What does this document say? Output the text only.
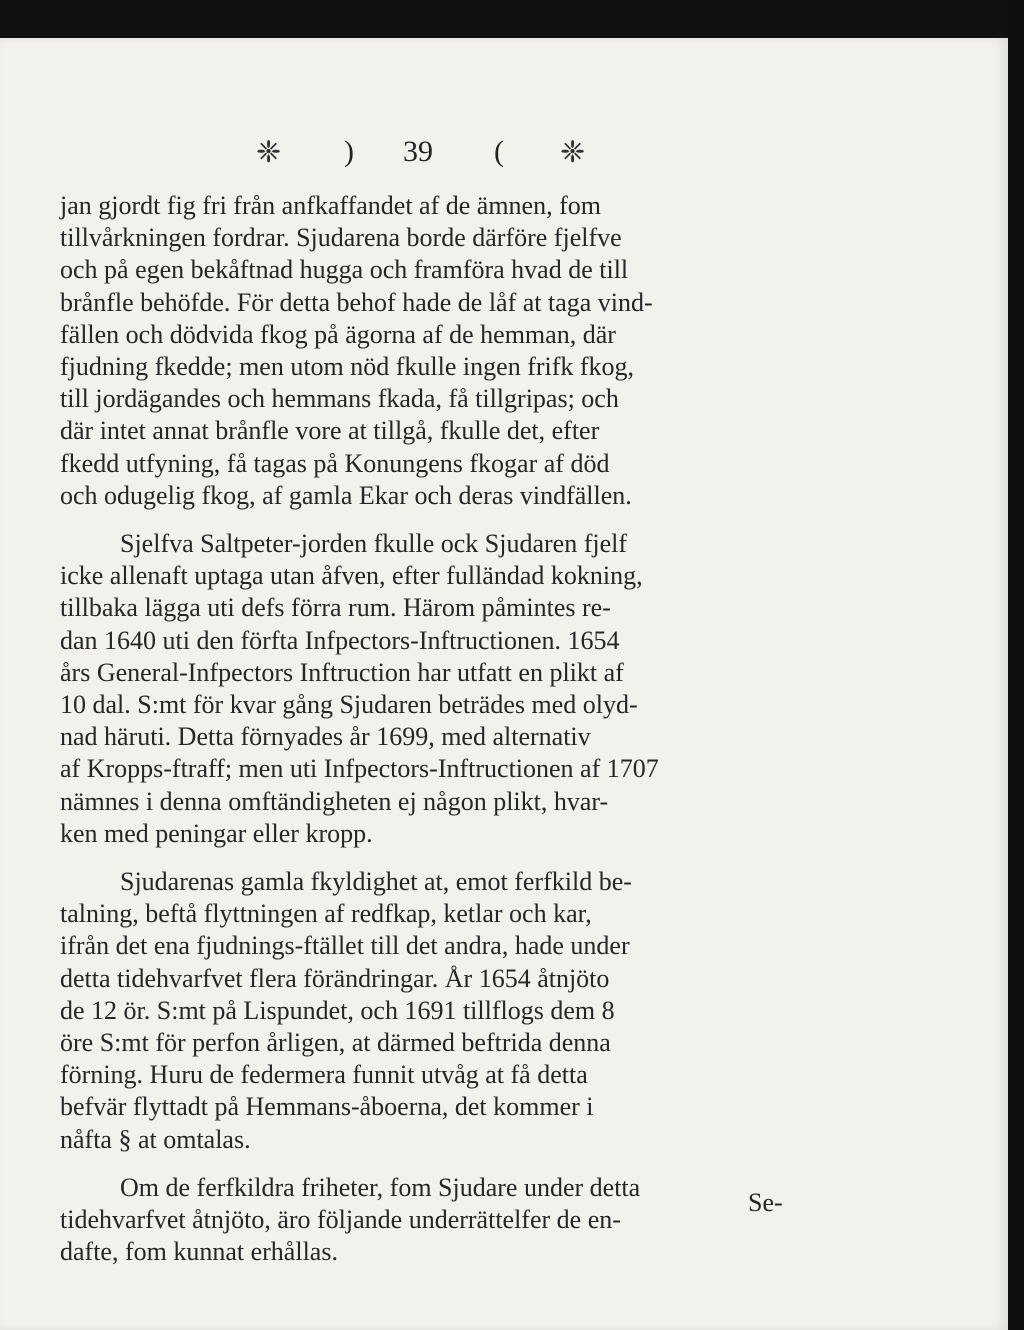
❈ ) 39 ( ❈

jan gjordt fig fri från anfkaffandet af de ämnen, fom

tillvårkningen fordrar. Sjudarena borde därföre fjelfve

och på egen bekåftnad hugga och framföra hvad de till

brånfle behöfde. För detta behof hade de låf at taga vind-

fällen och dödvida fkog på ägorna af de hemman, där

fjudning fkedde; men utom nöd fkulle ingen frifk fkog,

till jordägandes och hemmans fkada, få tillgripas; och

där intet annat brånfle vore at tillgå, fkulle det, efter

fkedd utfyning, få tagas på Konungens fkogar af död

och odugelig fkog, af gamla Ekar och deras vindfällen.

Sjelfva Saltpeter-jorden fkulle ock Sjudaren fjelf

icke allenaft uptaga utan åfven, efter fulländad kokning,

tillbaka lägga uti defs förra rum. Härom påmintes re-

dan 1640 uti den förfta Infpectors-Inftructionen. 1654

års General-Infpectors Inftruction har utfatt en plikt af

10 dal. S:mt för kvar gång Sjudaren beträdes med olyd-

nad häruti. Detta förnyades år 1699, med alternativ

af Kropps-ftraff; men uti Infpectors-Inftructionen af 1707

nämnes i denna omftändigheten ej någon plikt, hvar-

ken med peningar eller kropp.

Sjudarenas gamla fkyldighet at, emot ferfkild be-

talning, beftå flyttningen af redfkap, ketlar och kar,

ifrån det ena fjudnings-ftället till det andra, hade under

detta tidehvarfvet flera förändringar. År 1654 åtnjöto

de 12 ör. S:mt på Lispundet, och 1691 tillflogs dem 8

öre S:mt för perfon årligen, at därmed beftrida denna

förning. Huru de federmera funnit utvåg at få detta

befvär flyttadt på Hemmans-åboerna, det kommer i

nåfta § at omtalas.

Om de ferfkildra friheter, fom Sjudare under detta

tidehvarfvet åtnjöto, äro följande underrättelfer de en-

dafte, fom kunnat erhållas.

Se-
